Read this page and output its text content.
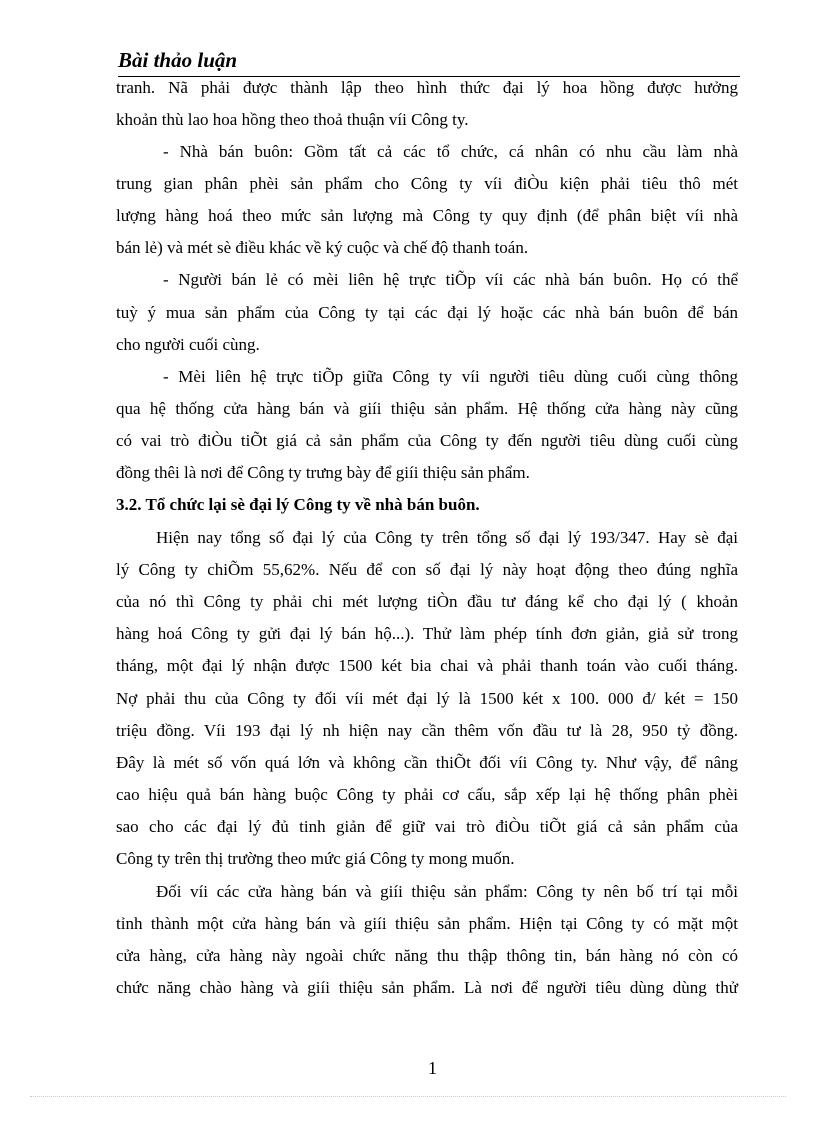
Bài thảo luận
tranh. Nã phải được thành lập theo hình thức đại lý hoa hồng được hưởng
khoản thù lao hoa hồng theo thoả thuận víi Công ty.
- Nhà bán buôn: Gồm tất cả các tổ chức, cá nhân có nhu cầu làm nhà
trung gian phân phèi sản phẩm cho Công ty víi điÒu kiện phải tiêu thô mét
lượng hàng hoá theo mức sản lượng mà Công ty quy định (để phân biệt víi nhà
bán lẻ) và mét sè điều khác về ký cuộc và chế độ thanh toán.
- Người bán lẻ có mèi liên hệ trực tiÕp víi các nhà bán buôn. Họ có thể
tuỳ ý mua sản phẩm của Công ty tại các đại lý hoặc các nhà bán buôn để bán
cho người cuối cùng.
- Mèi liên hệ trực tiÕp giữa Công ty víi người tiêu dùng cuối cùng thông
qua hệ thống cửa hàng bán và giíi thiệu sản phẩm. Hệ thống cửa hàng này cũng
có vai trò điÒu tiÕt giá cả sản phẩm của Công ty đến người tiêu dùng cuối cùng
đồng thêi là nơi để Công ty trưng bày để giíi thiệu sản phẩm.
3.2. Tổ chức lại sè đại lý Công ty về nhà bán buôn.
Hiện nay tổng số đại lý của Công ty trên tổng số đại lý 193/347. Hay sè đại
lý Công ty chiÕm 55,62%. Nếu để con số đại lý này hoạt động theo đúng nghĩa
của nó thì Công ty phải chi mét lượng tiÒn đầu tư đáng kể cho đại lý ( khoản
hàng hoá Công ty gửi đại lý bán hộ...). Thử làm phép tính đơn giản, giả sử trong
tháng, một đại lý nhận được 1500 két bia chai và phải thanh toán vào cuối tháng.
Nợ phải thu của Công ty đối víi mét đại lý là 1500 két x 100. 000 đ/ két = 150
triệu đồng. Víi 193 đại lý nh hiện nay cần thêm vốn đầu tư là 28, 950 tỷ đồng.
Đây là mét số vốn quá lớn và không cần thiÕt đối víi Công ty. Như vậy, để nâng
cao hiệu quả bán hàng buộc Công ty phải cơ cấu, sắp xếp lại hệ thống phân phèi
sao cho các đại lý đủ tinh giản để giữ vai trò điÒu tiÕt giá cả sản phẩm của
Công ty trên thị trường theo mức giá Công ty mong muốn.
Đối víi các cửa hàng bán và giíi thiệu sản phẩm: Công ty nên bố trí tại mỗi
tỉnh thành một cửa hàng bán và giíi thiệu sản phẩm. Hiện tại Công ty có mặt một
cửa hàng, cửa hàng này ngoài chức năng thu thập thông tin, bán hàng nó còn có
chức năng chào hàng và giíi thiệu sản phẩm. Là nơi để người tiêu dùng dùng thử
1
